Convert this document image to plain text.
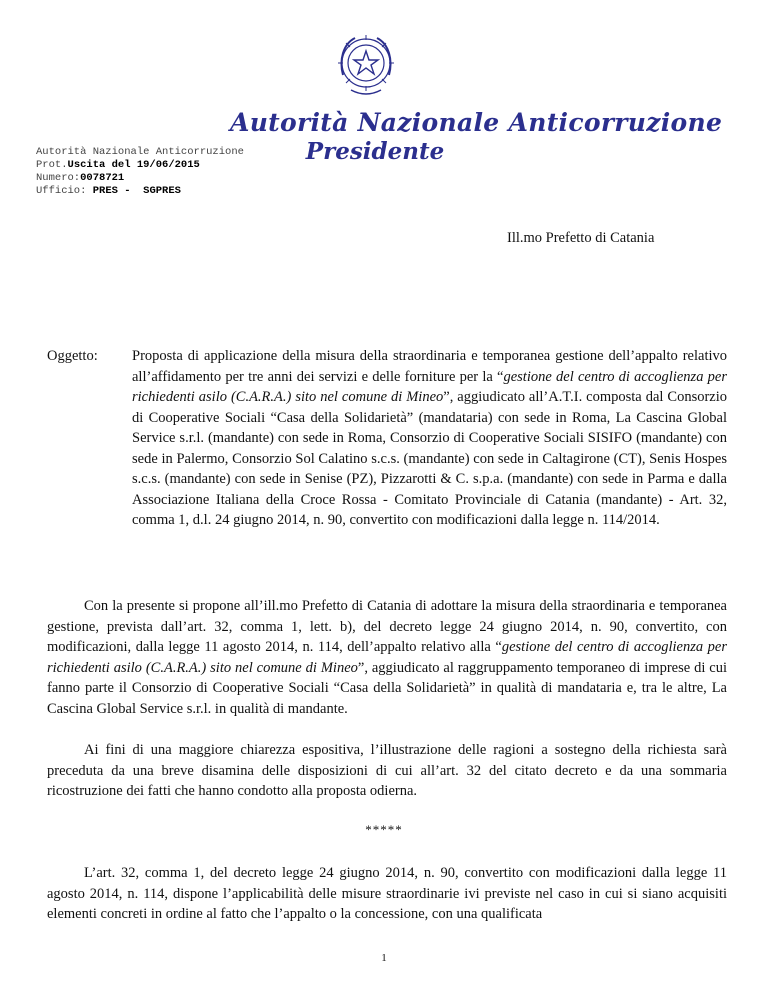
Autorità Nazionale Anticorruzione
Presidente
Autorità Nazionale Anticorruzione
Prot.Uscita del 19/06/2015
Numero:0078721
Ufficio: PRES -  SGPRES
Ill.mo Prefetto di Catania
Oggetto: Proposta di applicazione della misura della straordinaria e temporanea gestione dell’appalto relativo all’affidamento per tre anni dei servizi e delle forniture per la “gestione del centro di accoglienza per richiedenti asilo (C.A.R.A.) sito nel comune di Mineo”, aggiudicato all’A.T.I. composta dal Consorzio di Cooperative Sociali “Casa della Solidarietà” (mandataria) con sede in Roma, La Cascina Global Service s.r.l. (mandante) con sede in Roma, Consorzio di Cooperative Sociali SISIFO (mandante) con sede in Palermo, Consorzio Sol Calatino s.c.s. (mandante) con sede in Caltagirone (CT), Senis Hospes s.c.s. (mandante) con sede in Senise (PZ), Pizzarotti & C. s.p.a. (mandante) con sede in Parma e dalla Associazione Italiana della Croce Rossa - Comitato Provinciale di Catania (mandante) - Art. 32, comma 1, d.l. 24 giugno 2014, n. 90, convertito con modificazioni dalla legge n. 114/2014.
Con la presente si propone all’ill.mo Prefetto di Catania di adottare la misura della straordinaria e temporanea gestione, prevista dall’art. 32, comma 1, lett. b), del decreto legge 24 giugno 2014, n. 90, convertito, con modificazioni, dalla legge 11 agosto 2014, n. 114, dell’appalto relativo alla “gestione del centro di accoglienza per richiedenti asilo (C.A.R.A.) sito nel comune di Mineo”, aggiudicato al raggruppamento temporaneo di imprese di cui fanno parte il Consorzio di Cooperative Sociali “Casa della Solidarietà” in qualità di mandataria e, tra le altre, La Cascina Global Service s.r.l. in qualità di mandante.
Ai fini di una maggiore chiarezza espositiva, l’illustrazione delle ragioni a sostegno della richiesta sarà preceduta da una breve disamina delle disposizioni di cui all’art. 32 del citato decreto e da una sommaria ricostruzione dei fatti che hanno condotto alla proposta odierna.
*****
L’art. 32, comma 1, del decreto legge 24 giugno 2014, n. 90, convertito con modificazioni dalla legge 11 agosto 2014, n. 114, dispone l’applicabilità delle misure straordinarie ivi previste nel caso in cui si siano acquisiti elementi concreti in ordine al fatto che l’appalto o la concessione, con una qualificata
1
